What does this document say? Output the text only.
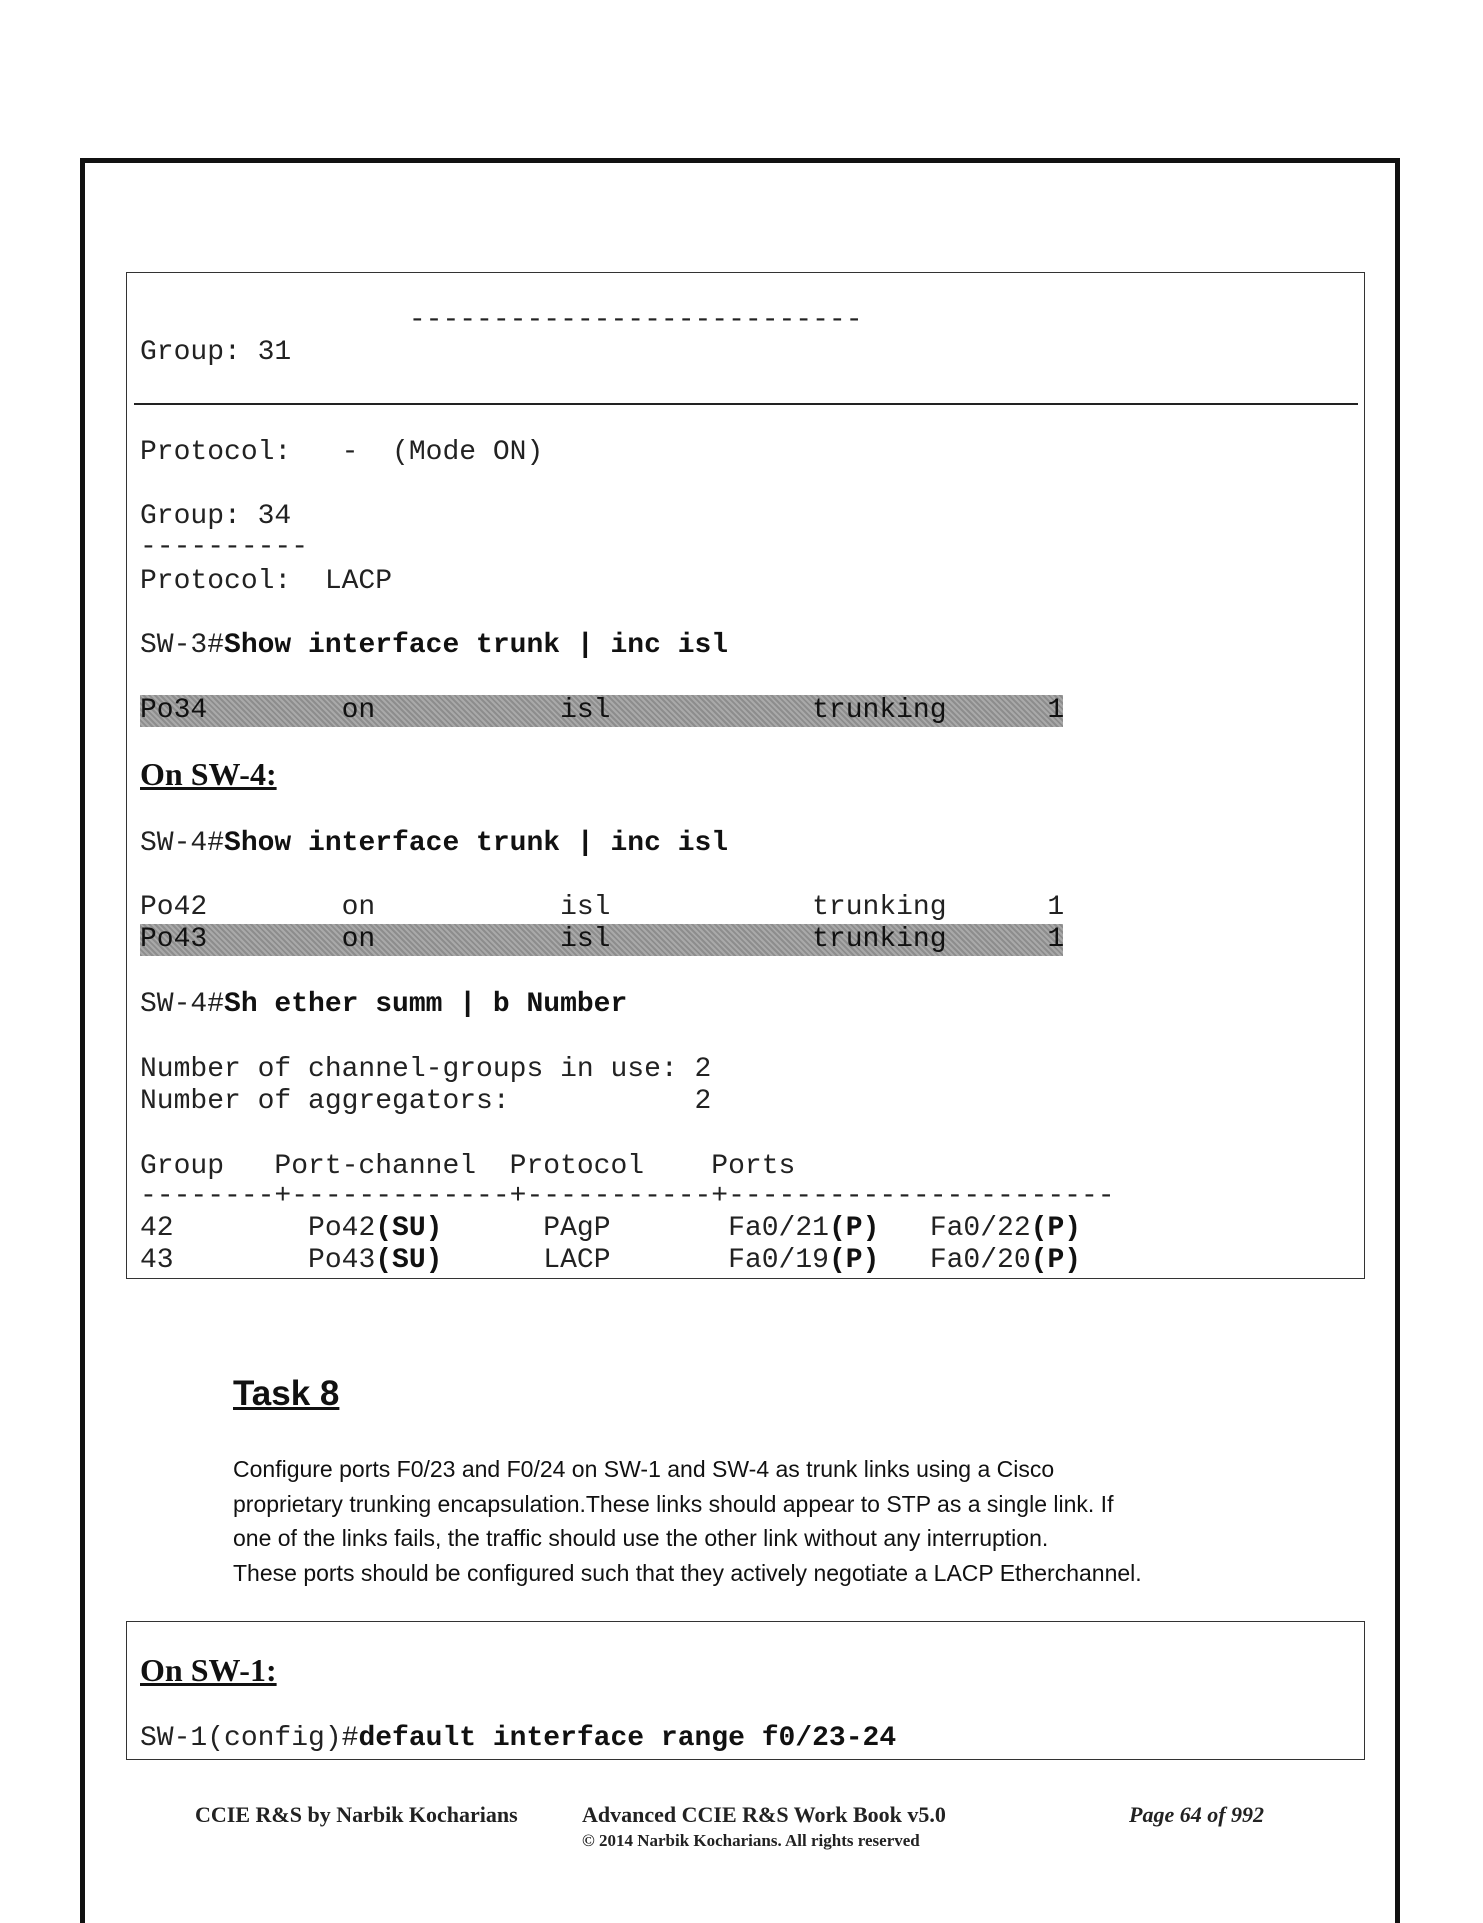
---------------------------
Group: 31
Protocol:   -  (Mode ON)
Group: 34
----------
Protocol:  LACP
SW-3#Show interface trunk | inc isl
Po34        on           isl            trunking      1
On SW-4:
SW-4#Show interface trunk | inc isl
Po42        on           isl            trunking      1
Po43        on           isl            trunking      1
SW-4#Sh ether summ | b Number
Number of channel-groups in use: 2
Number of aggregators:           2
Group   Port-channel  Protocol    Ports
--------+-------------+-----------+-----------------------
42	Po42(SU)	PAgP	Fa0/21(P) Fa0/22(P)
43	Po43(SU)	LACP	Fa0/19(P) Fa0/20(P)
Task 8
Configure ports F0/23 and F0/24 on SW-1 and SW-4 as trunk links using a Cisco
proprietary trunking encapsulation.These links should appear to STP as a single link. If
one of the links fails, the traffic should use the other link without any interruption.
These ports should be configured such that they actively negotiate a LACP Etherchannel.
On SW-1:
SW-1(config)#default interface range f0/23-24
CCIE R&S by Narbik Kocharians	Advanced CCIE R&S Work Book v5.0
© 2014 Narbik Kocharians. All rights reserved
Page 64 of 992
